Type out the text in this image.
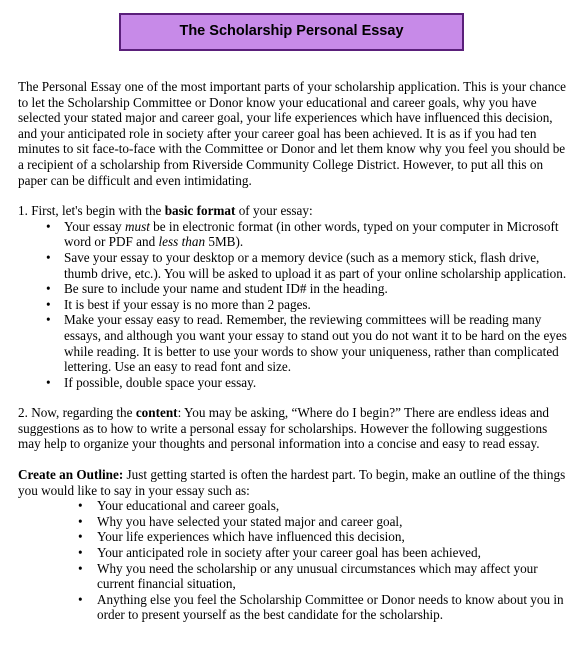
The Scholarship Personal Essay

The Personal Essay one of the most important parts of your scholarship application. This is your chance to let the Scholarship Committee or Donor know your educational and career goals, why you have selected your stated major and career goal, your life experiences which have influenced this decision, and your anticipated role in society after your career goal has been achieved. It is as if you had ten minutes to sit face-to-face with the Committee or Donor and let them know why you feel you should be a recipient of a scholarship from Riverside Community College District. However, to put all this on paper can be difficult and even intimidating.

1. First, let's begin with the basic format of your essay:

• Your essay must be in electronic format (in other words, typed on your computer in Microsoft word or PDF and less than 5MB).
• Save your essay to your desktop or a memory device (such as a memory stick, flash drive, thumb drive, etc.). You will be asked to upload it as part of your online scholarship application.
• Be sure to include your name and student ID# in the heading.
• It is best if your essay is no more than 2 pages.
• Make your essay easy to read. Remember, the reviewing committees will be reading many essays, and although you want your essay to stand out you do not want it to be hard on the eyes while reading. It is better to use your words to show your uniqueness, rather than complicated lettering. Use an easy to read font and size.
• If possible, double space your essay.

2. Now, regarding the content: You may be asking, “Where do I begin?” There are endless ideas and suggestions as to how to write a personal essay for scholarships. However the following suggestions may help to organize your thoughts and personal information into a concise and easy to read essay.

Create an Outline: Just getting started is often the hardest part. To begin, make an outline of the things you would like to say in your essay such as:

• Your educational and career goals,
• Why you have selected your stated major and career goal,
• Your life experiences which have influenced this decision,
• Your anticipated role in society after your career goal has been achieved,
• Why you need the scholarship or any unusual circumstances which may affect your current financial situation,
• Anything else you feel the Scholarship Committee or Donor needs to know about you in order to present yourself as the best candidate for the scholarship.
